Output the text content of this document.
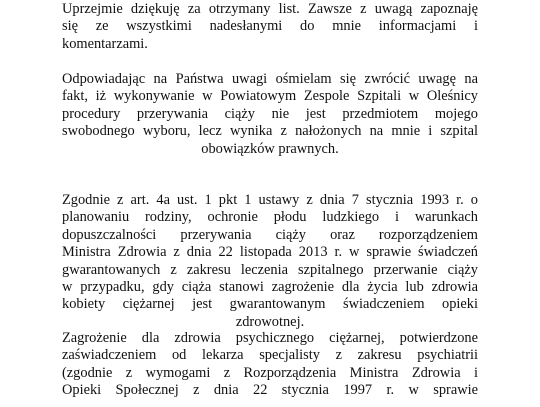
Uprzejmie dziękuję za otrzymany list. Zawsze z uwagą zapoznaję
się ze wszystkimi nadesłanymi do mnie informacjami i
komentarzami.

Odpowiadając na Państwa uwagi ośmielam się zwrócić uwagę na
fakt, iż wykonywanie w Powiatowym Zespole Szpitali w Oleśnicy
procedury przerywania ciąży nie jest przedmiotem mojego
swobodnego wyboru, lecz wynika z nałożonych na mnie i szpital
obowiązków prawnych.

Zgodnie z art. 4a ust. 1 pkt 1 ustawy z dnia 7 stycznia 1993 r. o
planowaniu rodziny, ochronie płodu ludzkiego i warunkach
dopuszczalności przerywania ciąży oraz rozporządzeniem
Ministra Zdrowia z dnia 22 listopada 2013 r. w sprawie świadczeń
gwarantowanych z zakresu leczenia szpitalnego przerwanie ciąży
w przypadku, gdy ciąża stanowi zagrożenie dla życia lub zdrowia
kobiety ciężarnej jest gwarantowanym świadczeniem opieki
zdrowotnej.

Zagrożenie dla zdrowia psychicznego ciężarnej, potwierdzone
zaświadczeniem od lekarza specjalisty z zakresu psychiatrii
(zgodnie z wymogami z Rozporządzenia Ministra Zdrowia i
Opieki Społecznej z dnia 22 stycznia 1997 r. w sprawie
